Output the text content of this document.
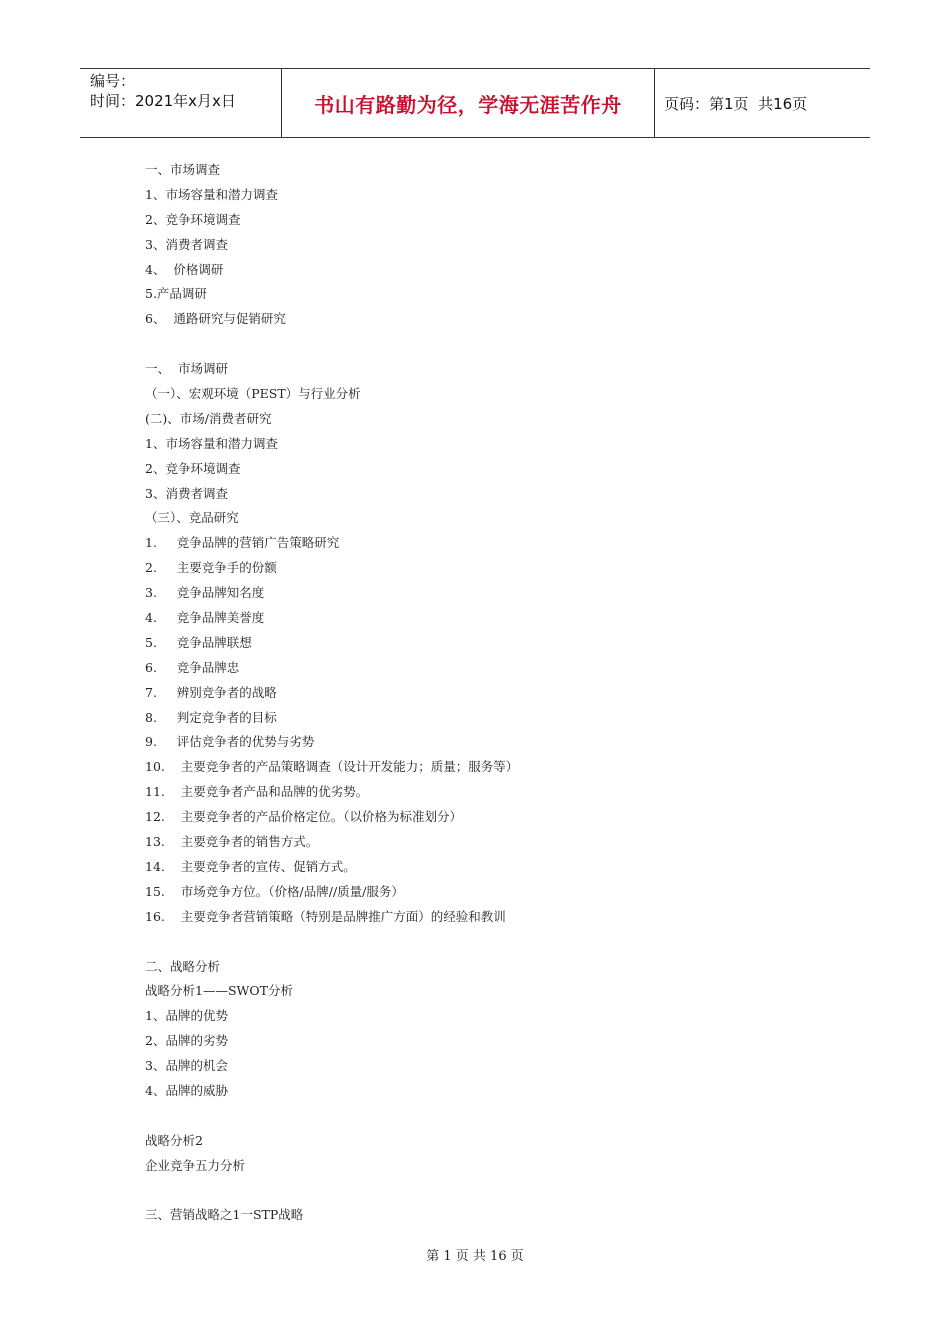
编号：
时间：2021年x月x日	书山有路勤为径，学海无涯苦作舟	页码：第1页  共16页
一、市场调查
1、市场容量和潜力调查
2、竞争环境调查
3、消费者调查
4、  价格调研
5.产品调研
6、  通路研究与促销研究
一、  市场调研
（一）、宏观环境（PEST）与行业分析
(二)、市场/消费者研究
1、市场容量和潜力调查
2、竞争环境调查
3、消费者调查
（三）、竞品研究
1.     竞争品牌的营销广告策略研究
2.     主要竞争手的份额
3.     竞争品牌知名度
4.     竞争品牌美誉度
5.     竞争品牌联想
6.     竞争品牌忠
7.     辨别竞争者的战略
8.     判定竞争者的目标
9.     评估竞争者的优势与劣势
10.    主要竞争者的产品策略调查（设计开发能力；质量；服务等）
11.    主要竞争者产品和品牌的优劣势。
12.    主要竞争者的产品价格定位。（以价格为标准划分）
13.    主要竞争者的销售方式。
14.    主要竞争者的宣传、促销方式。
15.    市场竞争方位。（价格/品牌//质量/服务）
16.    主要竞争者营销策略（特别是品牌推广方面）的经验和教训
二、战略分析
战略分析1——SWOT分析
1、品牌的优势
2、品牌的劣势
3、品牌的机会
4、品牌的威胁
战略分析2
企业竞争五力分析
三、营销战略之1一STP战略
第 1 页 共 16 页
